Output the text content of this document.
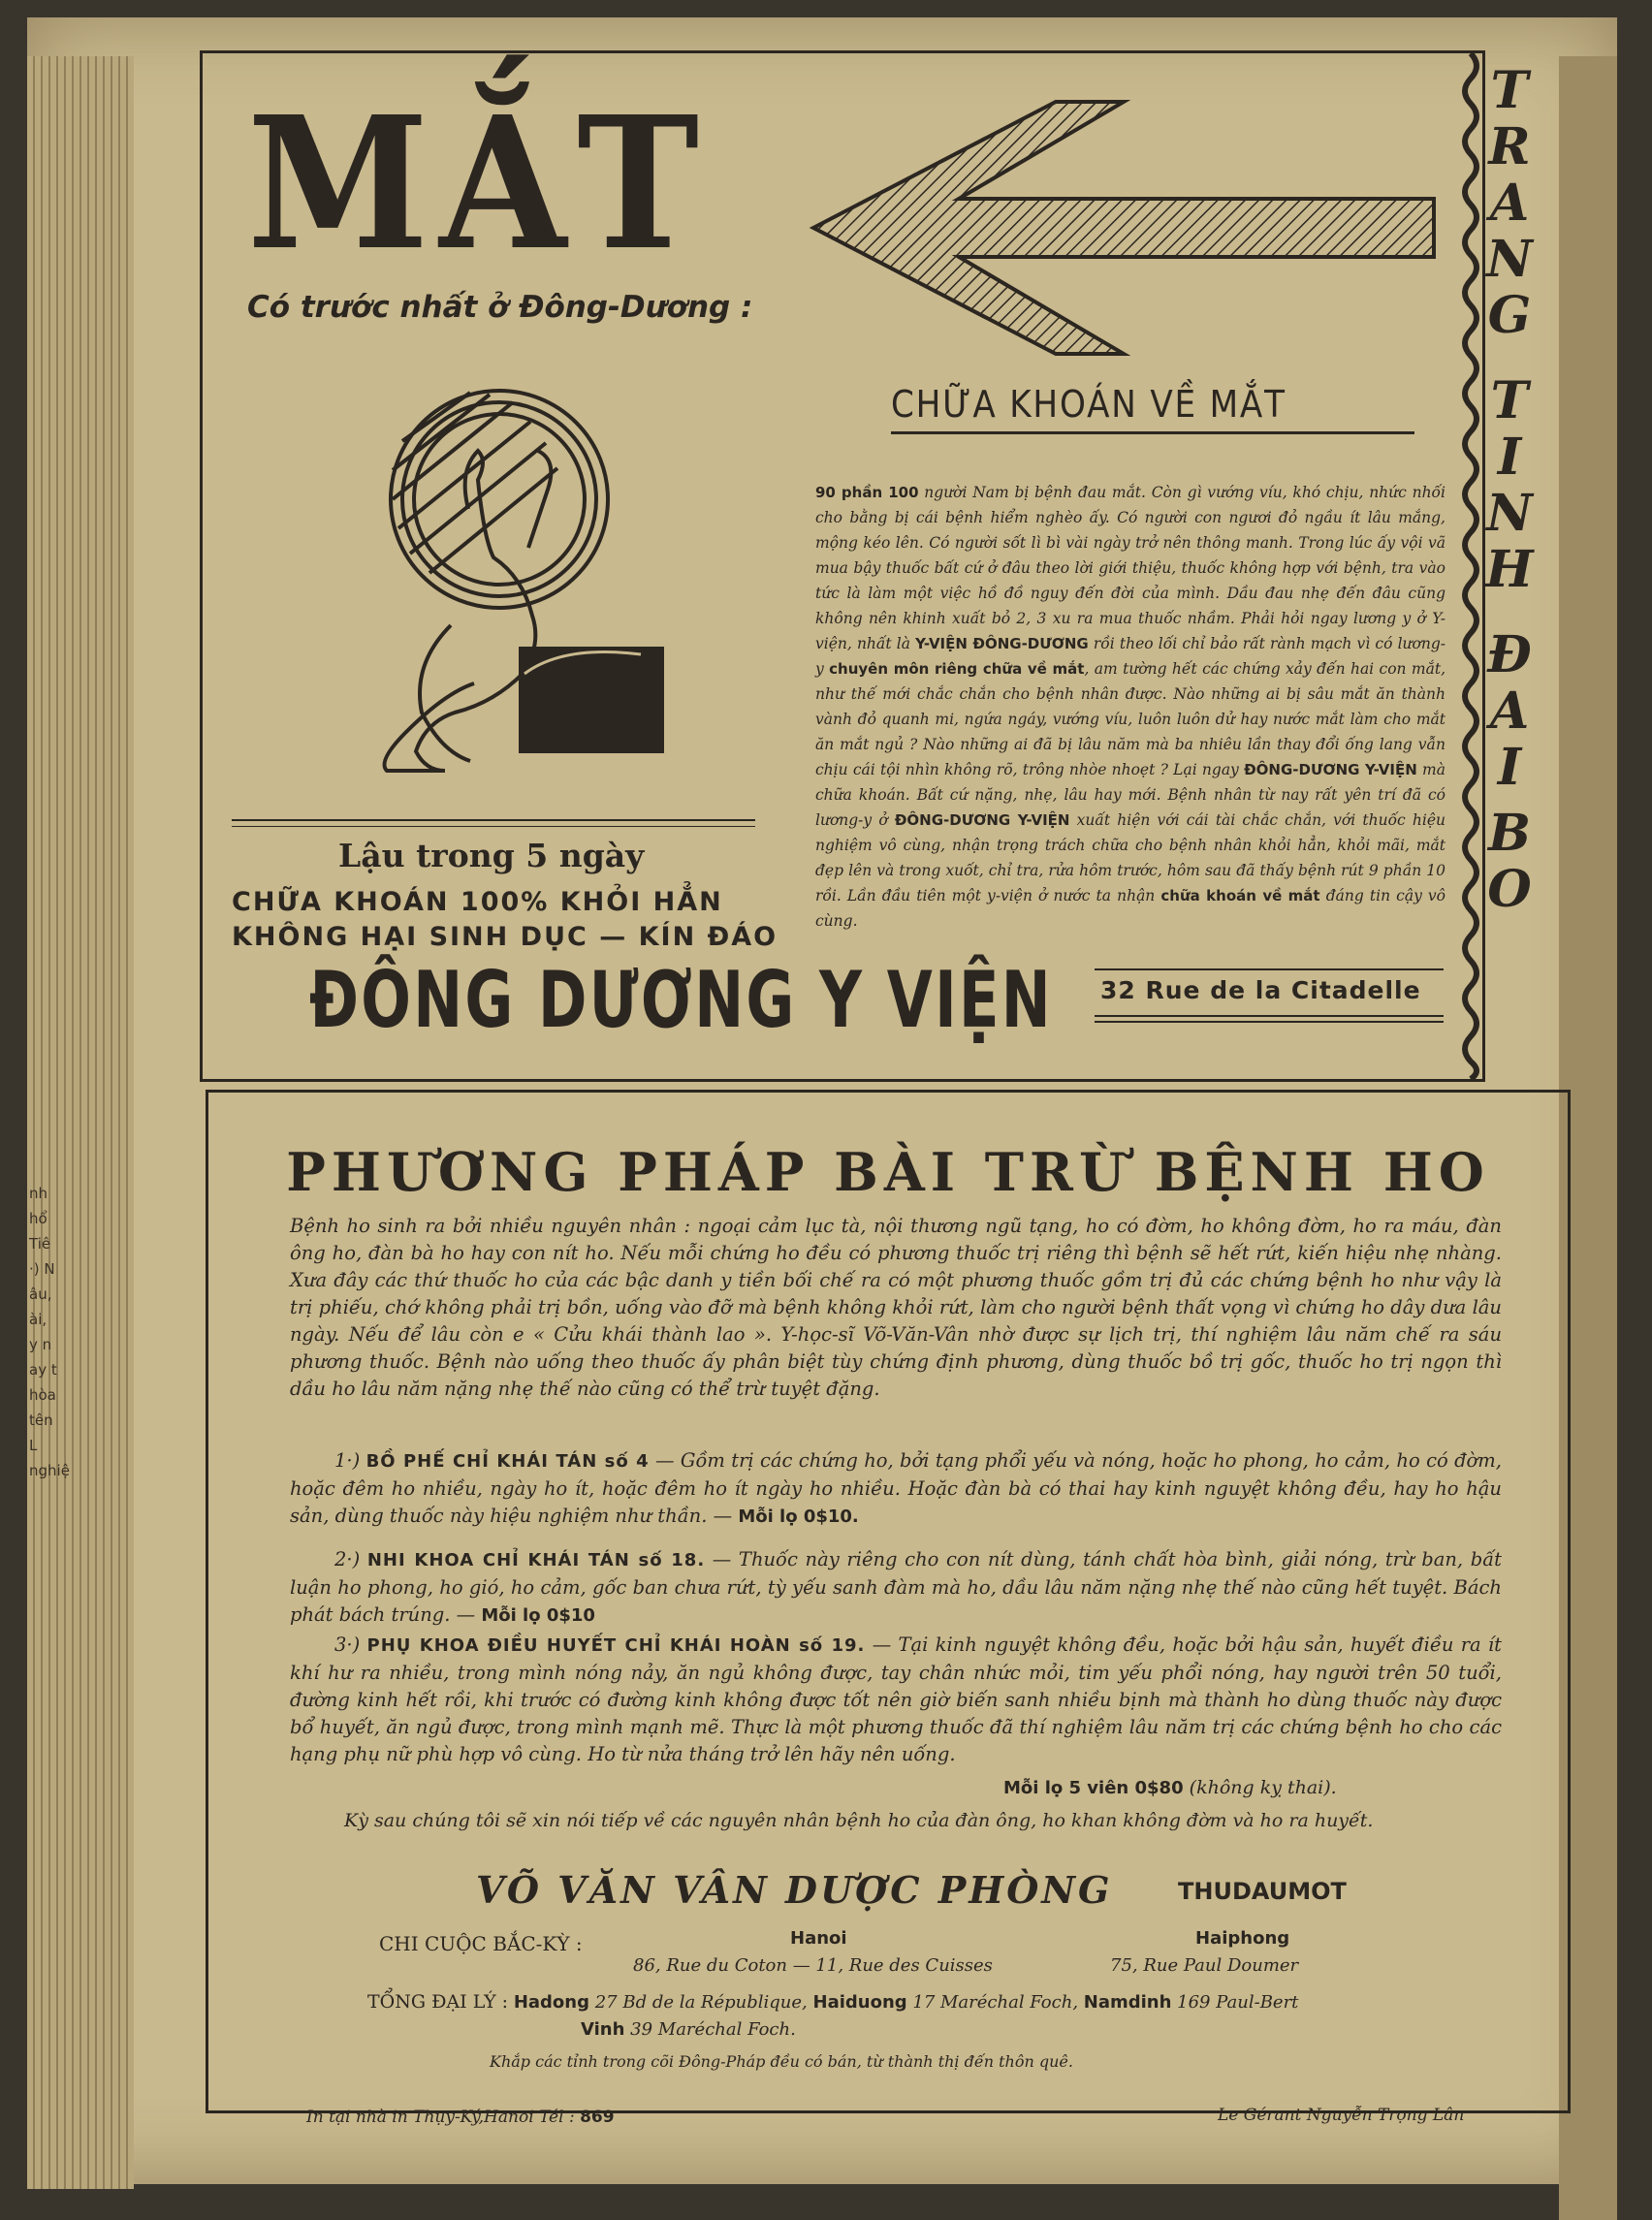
nh
hổ
Tiê
·) N
âu,
ài,
y n
ay t
hòa
tên
L
nghiệ
MẮT
Có trước nhất ở Đông-Dương :
CHỮA KHOÁN VỀ MẮT
90 phần 100 người Nam bị bệnh đau mắt. Còn gì vướng víu, khó chịu, nhức nhối cho bằng bị cái bệnh hiểm nghèo ấy. Có người con ngươi đỏ ngầu ít lâu mắng, mộng kéo lên. Có người sốt lì bì vài ngày trở nên thông manh. Trong lúc ấy vội vã mua bậy thuốc bất cứ ở đâu theo lời giới thiệu, thuốc không hợp với bệnh, tra vào tức là làm một việc hồ đồ nguy đến đời của mình. Dầu đau nhẹ đến đâu cũng không nên khinh xuất bỏ 2, 3 xu ra mua thuốc nhầm. Phải hỏi ngay lương y ở Y-viện, nhất là Y-VIỆN ĐÔNG-DƯƠNG rồi theo lối chỉ bảo rất rành mạch vì có lương-y chuyên môn riêng chữa về mắt, am tường hết các chứng xảy đến hai con mắt, như thế mới chắc chắn cho bệnh nhân được. Nào những ai bị sâu mắt ăn thành vành đỏ quanh mi, ngứa ngáy, vướng víu, luôn luôn dử hay nước mắt làm cho mắt ăn mắt ngủ ? Nào những ai đã bị lâu năm mà ba nhiêu lần thay đổi ống lang vẫn chịu cái tội nhìn không rõ, trông nhòe nhoẹt ? Lại ngay ĐÔNG-DƯƠNG Y-VIỆN mà chữa khoán. Bất cứ nặng, nhẹ, lâu hay mới. Bệnh nhân từ nay rất yên trí đã có lương-y ở ĐÔNG-DƯƠNG Y-VIỆN xuất hiện với cái tài chắc chắn, với thuốc hiệu nghiệm vô cùng, nhận trọng trách chữa cho bệnh nhân khỏi hẳn, khỏi mãi, mắt đẹp lên và trong xuốt, chỉ tra, rửa hôm trước, hôm sau đã thấy bệnh rút 9 phần 10 rồi. Lần đầu tiên một y-viện ở nước ta nhận chữa khoán về mắt đáng tin cậy vô cùng.
Lậu trong 5 ngày
CHỮA KHOÁN 100% KHỎI HẲN
KHÔNG HẠI SINH DỤC — KÍN ĐÁO
ĐÔNG DƯƠNG Y VIỆN 32 Rue de la Citadelle
T
R
A
N
G
T
I
N
H
Đ
A
I
B
O
PHƯƠNG PHÁP BÀI TRỪ BỆNH HO
Bệnh ho sinh ra bởi nhiều nguyên nhân : ngoại cảm lục tà, nội thương ngũ tạng, ho có đờm, ho không đờm, ho ra máu, đàn ông ho, đàn bà ho hay con nít ho. Nếu mỗi chứng ho đều có phương thuốc trị riêng thì bệnh sẽ hết rứt, kiến hiệu nhẹ nhàng. Xưa đây các thứ thuốc ho của các bậc danh y tiền bối chế ra có một phương thuốc gồm trị đủ các chứng bệnh ho như vậy là trị phiếu, chớ không phải trị bồn, uống vào đỡ mà bệnh không khỏi rứt, làm cho người bệnh thất vọng vì chứng ho dây dưa lâu ngày. Nếu để lâu còn e « Cửu khái thành lao ». Y-học-sĩ Võ-Văn-Vân nhờ được sự lịch trị, thí nghiệm lâu năm chế ra sáu phương thuốc. Bệnh nào uống theo thuốc ấy phân biệt tùy chứng định phương, dùng thuốc bồ trị gốc, thuốc ho trị ngọn thì dầu ho lâu năm nặng nhẹ thế nào cũng có thể trừ tuyệt đặng.
1·) BỒ PHẾ CHỈ KHÁI TÁN số 4 — Gồm trị các chứng ho, bởi tạng phổi yếu và nóng, hoặc ho phong, ho cảm, ho có đờm, hoặc đêm ho nhiều, ngày ho ít, hoặc đêm ho ít ngày ho nhiều. Hoặc đàn bà có thai hay kinh nguyệt không đều, hay ho hậu sản, dùng thuốc này hiệu nghiệm như thần. — Mỗi lọ 0$10.
2·) NHI KHOA CHỈ KHÁI TÁN số 18. — Thuốc này riêng cho con nít dùng, tánh chất hòa bình, giải nóng, trừ ban, bất luận ho phong, ho gió, ho cảm, gốc ban chưa rứt, tỳ yếu sanh đàm mà ho, dầu lâu năm nặng nhẹ thế nào cũng hết tuyệt. Bách phát bách trúng. — Mỗi lọ 0$10
3·) PHỤ KHOA ĐIỀU HUYẾT CHỈ KHÁI HOÀN số 19. — Tại kinh nguyệt không đều, hoặc bởi hậu sản, huyết điều ra ít khí hư ra nhiều, trong mình nóng nảy, ăn ngủ không được, tay chân nhức mỏi, tim yếu phổi nóng, hay người trên 50 tuổi, đường kinh hết rồi, khi trước có đường kinh không được tốt nên giờ biến sanh nhiều bịnh mà thành ho dùng thuốc này được bổ huyết, ăn ngủ được, trong mình mạnh mẽ. Thực là một phương thuốc đã thí nghiệm lâu năm trị các chứng bệnh ho cho các hạng phụ nữ phù hợp vô cùng. Ho từ nửa tháng trở lên hãy nên uống.
Mỗi lọ 5 viên 0$80 (không kỵ thai).
Kỳ sau chúng tôi sẽ xin nói tiếp về các nguyên nhân bệnh ho của đàn ông, ho khan không đờm và ho ra huyết.
VÕ VĂN VÂN DƯỢC PHÒNG	THUDAUMOT
CHI CUỘC BẮC-KỲ :	Hanoi	Haiphong
86, Rue du Coton — 11, Rue des Cuisses	75, Rue Paul Doumer
TỔNG ĐẠI LÝ : Hadong 27 Bd de la République, Haiduong 17 Maréchal Foch, Namdinh 169 Paul-Bert
Vinh 39 Maréchal Foch.
Khắp các tỉnh trong cõi Đông-Pháp đều có bán, từ thành thị đến thôn quê.
In tại nhà in Thụy-Ký,Hanoi Tél : 869	Le Gérant Nguyễn Trọng Lân
